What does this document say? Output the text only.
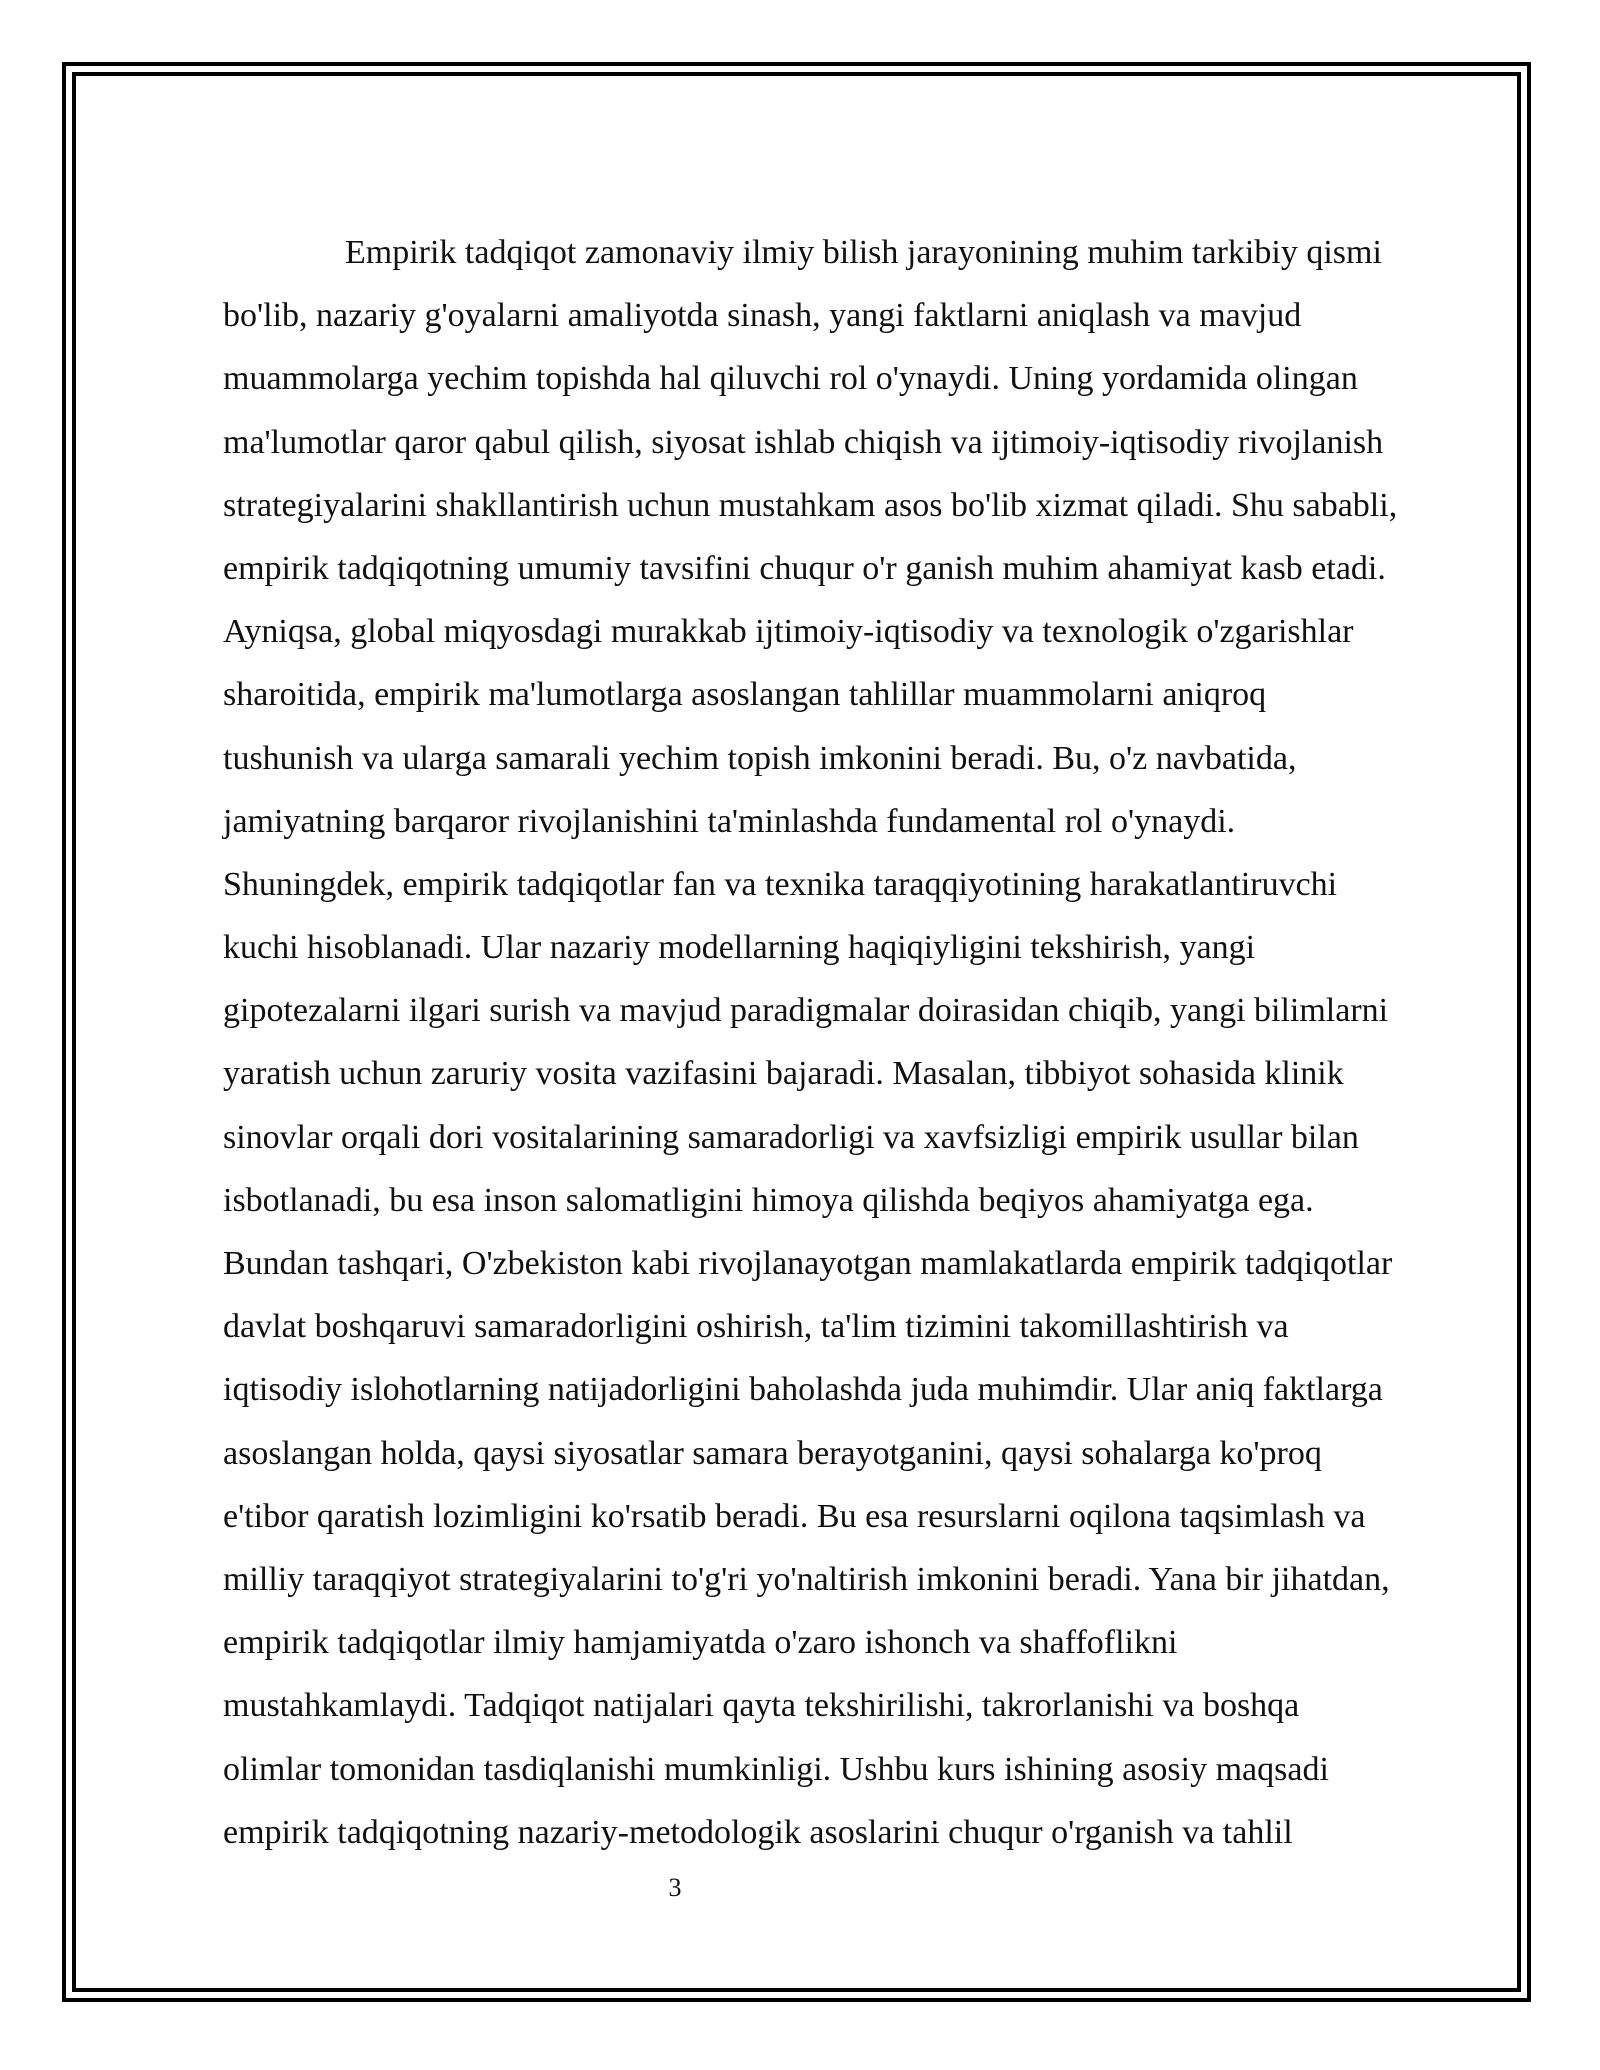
Empirik tadqiqot zamonaviy ilmiy bilish jarayonining muhim tarkibiy qismi
bo'lib, nazariy g'oyalarni amaliyotda sinash, yangi faktlarni aniqlash va mavjud
muammolarga yechim topishda hal qiluvchi rol o'ynaydi. Uning yordamida olingan
ma'lumotlar qaror qabul qilish, siyosat ishlab chiqish va ijtimoiy-iqtisodiy rivojlanish
strategiyalarini shakllantirish uchun mustahkam asos bo'lib xizmat qiladi. Shu sababli,
empirik tadqiqotning umumiy tavsifini chuqur o'r ganish muhim ahamiyat kasb etadi.
Ayniqsa, global miqyosdagi murakkab ijtimoiy-iqtisodiy va texnologik o'zgarishlar
sharoitida, empirik ma'lumotlarga asoslangan tahlillar muammolarni aniqroq
tushunish va ularga samarali yechim topish imkonini beradi. Bu, o'z navbatida,
jamiyatning barqaror rivojlanishini ta'minlashda fundamental rol o'ynaydi.
Shuningdek, empirik tadqiqotlar fan va texnika taraqqiyotining harakatlantiruvchi
kuchi hisoblanadi. Ular nazariy modellarning haqiqiyligini tekshirish, yangi
gipotezalarni ilgari surish va mavjud paradigmalar doirasidan chiqib, yangi bilimlarni
yaratish uchun zaruriy vosita vazifasini bajaradi. Masalan, tibbiyot sohasida klinik
sinovlar orqali dori vositalarining samaradorligi va xavfsizligi empirik usullar bilan
isbotlanadi, bu esa inson salomatligini himoya qilishda beqiyos ahamiyatga ega.
Bundan tashqari, O'zbekiston kabi rivojlanayotgan mamlakatlarda empirik tadqiqotlar
davlat boshqaruvi samaradorligini oshirish, ta'lim tizimini takomillashtirish va
iqtisodiy islohotlarning natijadorligini baholashda juda muhimdir. Ular aniq faktlarga
asoslangan holda, qaysi siyosatlar samara berayotganini, qaysi sohalarga ko'proq
e'tibor qaratish lozimligini ko'rsatib beradi. Bu esa resurslarni oqilona taqsimlash va
milliy taraqqiyot strategiyalarini to'g'ri yo'naltirish imkonini beradi. Yana bir jihatdan,
empirik tadqiqotlar ilmiy hamjamiyatda o'zaro ishonch va shaffoflikni
mustahkamlaydi. Tadqiqot natijalari qayta tekshirilishi, takrorlanishi va boshqa
olimlar tomonidan tasdiqlanishi mumkinligi. Ushbu kurs ishining asosiy maqsadi
empirik tadqiqotning nazariy-metodologik asoslarini chuqur o'rganish va tahlil
3
